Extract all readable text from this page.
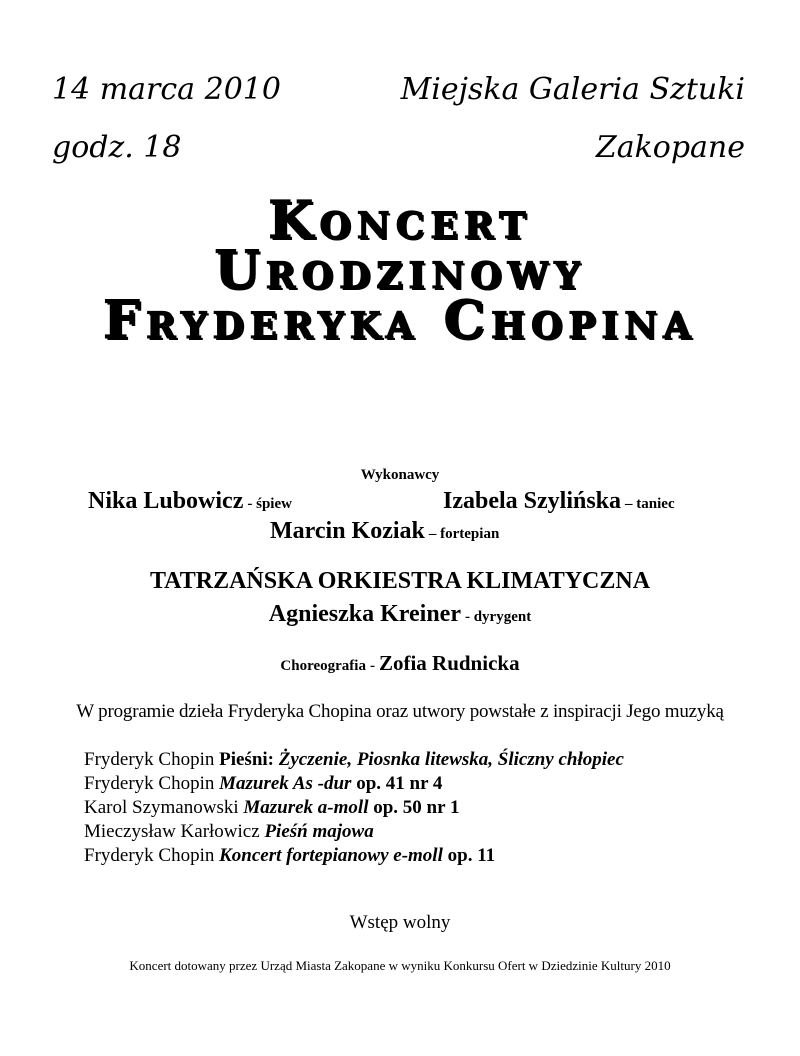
14 marca 2010
godz. 18
Miejska Galeria Sztuki
Zakopane
Koncert
Urodzinowy
Fryderyka Chopina
Wykonawcy
Nika Lubowicz - śpiew	Izabela Szylińska – taniec
Marcin Koziak – fortepian
TATRZAŃSKA ORKIESTRA KLIMATYCZNA
Agnieszka Kreiner - dyrygent
Choreografia - Zofia Rudnicka
W programie dzieła Fryderyka Chopina oraz utwory powstałe z inspiracji Jego muzyką
Fryderyk Chopin Pieśni: Życzenie, Piosnka litewska, Śliczny chłopiec
Fryderyk Chopin Mazurek As -dur op. 41 nr 4
Karol Szymanowski Mazurek a-moll op. 50 nr 1
Mieczysław Karłowicz Pieśń majowa
Fryderyk Chopin Koncert fortepianowy e-moll op. 11
Wstęp wolny
Koncert dotowany przez Urząd Miasta Zakopane w wyniku Konkursu Ofert w Dziedzinie Kultury 2010
